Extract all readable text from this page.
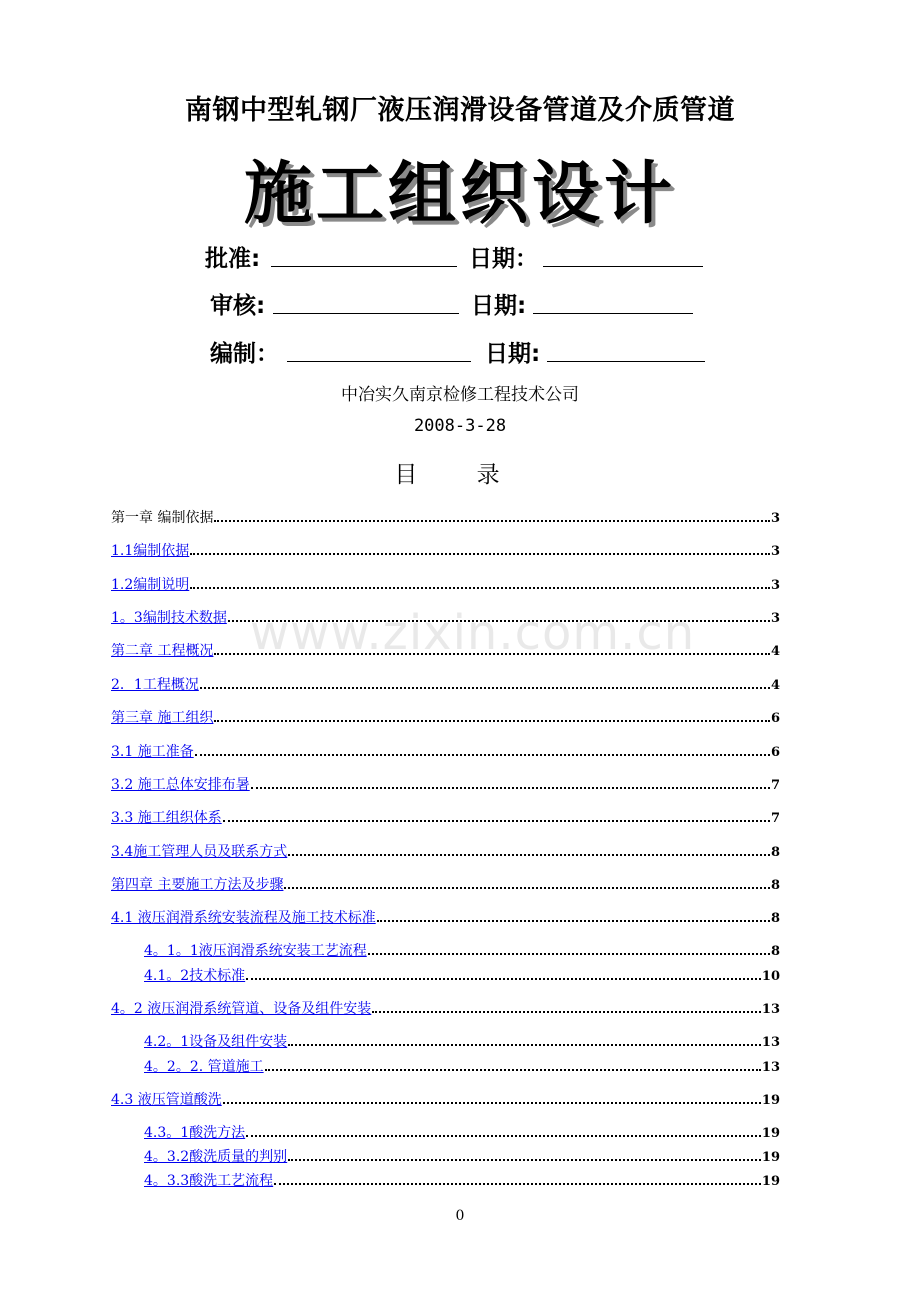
南钢中型轧钢厂液压润滑设备管道及介质管道
施工组织设计
批准:	日期：
审核:	日期:
编制：	日期:
中冶实久南京检修工程技术公司
2008-3-28
目 录
www.zixin.com.cn
第一章 编制依据	3
1.1编制依据	3
1.2编制说明	3
1。3编制技术数据	3
第二章 工程概况	4
2．1工程概况	4
第三章 施工组织	6
3.1 施工准备	6
3.2 施工总体安排布暑	7
3.3 施工组织体系	7
3.4施工管理人员及联系方式	8
第四章 主要施工方法及步骤	8
4.1 液压润滑系统安装流程及施工技术标准	8
4。1。1液压润滑系统安装工艺流程	8
4.1。2技术标准	10
4。2 液压润滑系统管道、设备及组件安装	13
4.2。1设备及组件安装	13
4。2。2. 管道施工	13
4.3 液压管道酸洗	19
4.3。1酸洗方法	19
4。3.2酸洗质量的判别	19
4。3.3酸洗工艺流程	19
0
